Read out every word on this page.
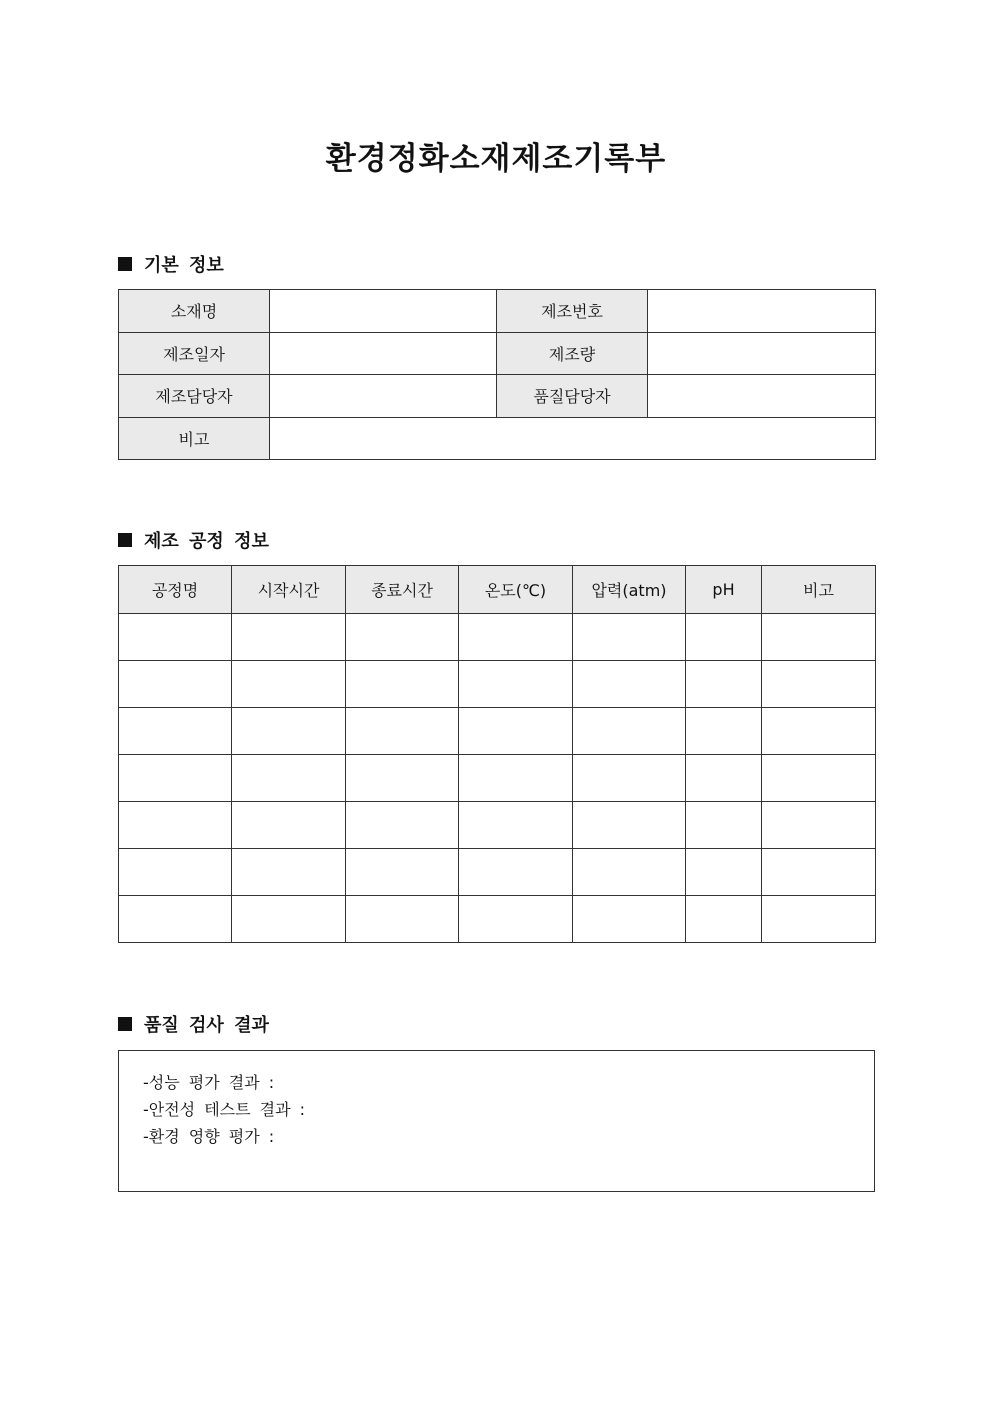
환경정화소재제조기록부
기본 정보
소재명		제조번호	
제조일자		제조량	
제조담당자		품질담당자	
비고			
제조 공정 정보
공정명	시작시간	종료시간	온도(℃)	압력(atm)	pH	비고

품질 검사 결과
-성능 평가 결과 :
-안전성 테스트 결과 :
-환경 영향 평가 :
